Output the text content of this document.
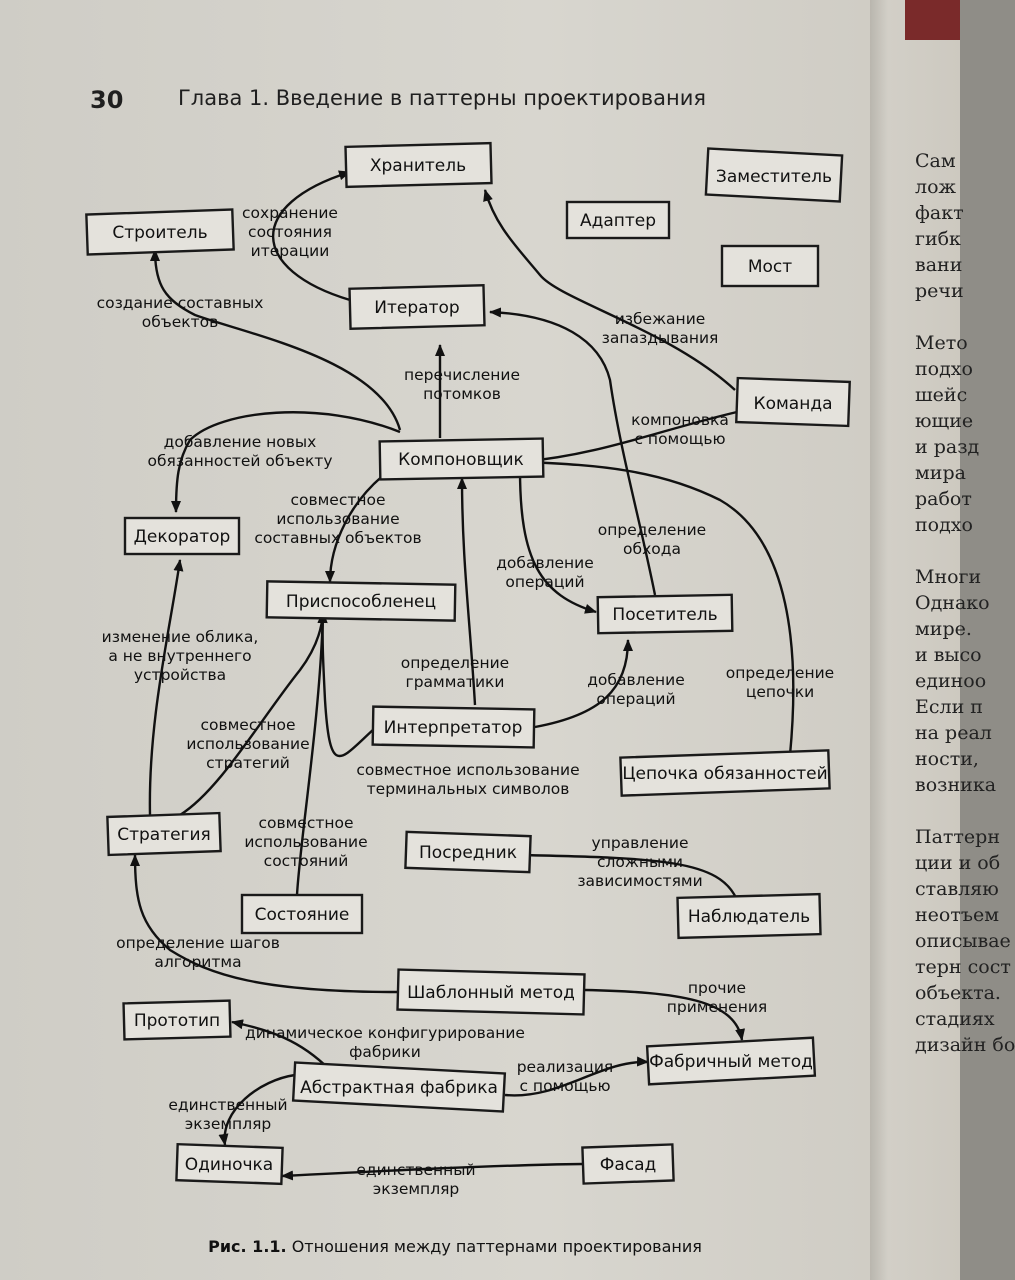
30	Глава 1. Введение в паттерны проектирования
Сам
лож
факт
гибк
вани
речи
Мето
подхо
шейс
ющие
и разд
мира
работ
подхо
Многи
Однако
мире.
и высо
единоо
Если п
на реал
ности,
возника
Паттерн
ции и об
ставляю
неотъем
описывае
терн сост
объекта.
стадиях
дизайн бо
Хранитель
Заместитель
Адаптер
Мост
Строитель
Итератор
Команда
Компоновщик
Декоратор
Приспособленец
Посетитель
Интерпретатор
Цепочка обязанностей
Стратегия
Посредник
Состояние	Наблюдатель
Шаблонный метод
Прототип
Фабричный метод
Абстрактная фабрика
Одиночка	Фасад
сохранение состояния итерации
создание составных объектов	избежание запаздывания
перечисление потомков
компоновка с помощью
добавление новых обязанностей объекту
совместное использование составных объектов	определение обхода
добавление операций
изменение облика, а не внутреннего устройства
определение грамматики	добавление операций
определение цепочки
совместное использование стратегий	совместное использование терминальных символов
совместное использование состояний
управление сложными зависимостями
определение шагов алгоритма
прочие применения
динамическое конфигурирование фабрики
реализация с помощью
единственный экземпляр
единственный экземпляр
Рис. 1.1. Отношения между паттернами проектирования
